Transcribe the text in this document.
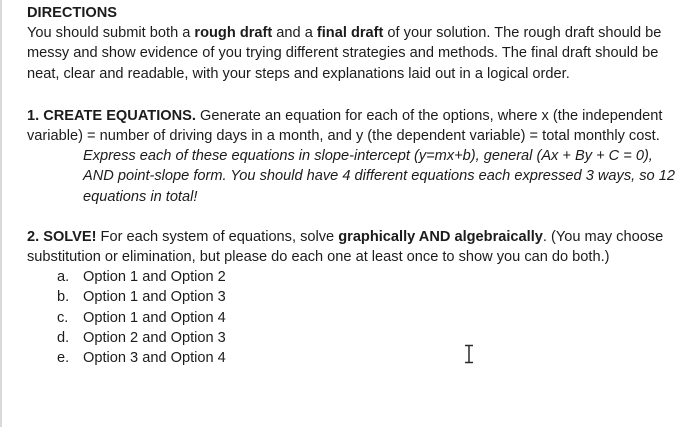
DIRECTIONS

You should submit both a rough draft and a final draft of your solution. The rough draft should be messy and show evidence of you trying different strategies and methods. The final draft should be neat, clear and readable, with your steps and explanations laid out in a logical order.

1. CREATE EQUATIONS. Generate an equation for each of the options, where x (the independent variable) = number of driving days in a month, and y (the dependent variable) = total monthly cost.

Express each of these equations in slope-intercept (y=mx+b), general (Ax + By + C = 0), AND point-slope form. You should have 4 different equations each expressed 3 ways, so 12 equations in total!

2. SOLVE! For each system of equations, solve graphically AND algebraically. (You may choose substitution or elimination, but please do each one at least once to show you can do both.)

a. Option 1 and Option 2
b. Option 1 and Option 3
c.	Option 1 and Option 4
d. Option 2 and Option 3
e. Option 3 and Option 4
